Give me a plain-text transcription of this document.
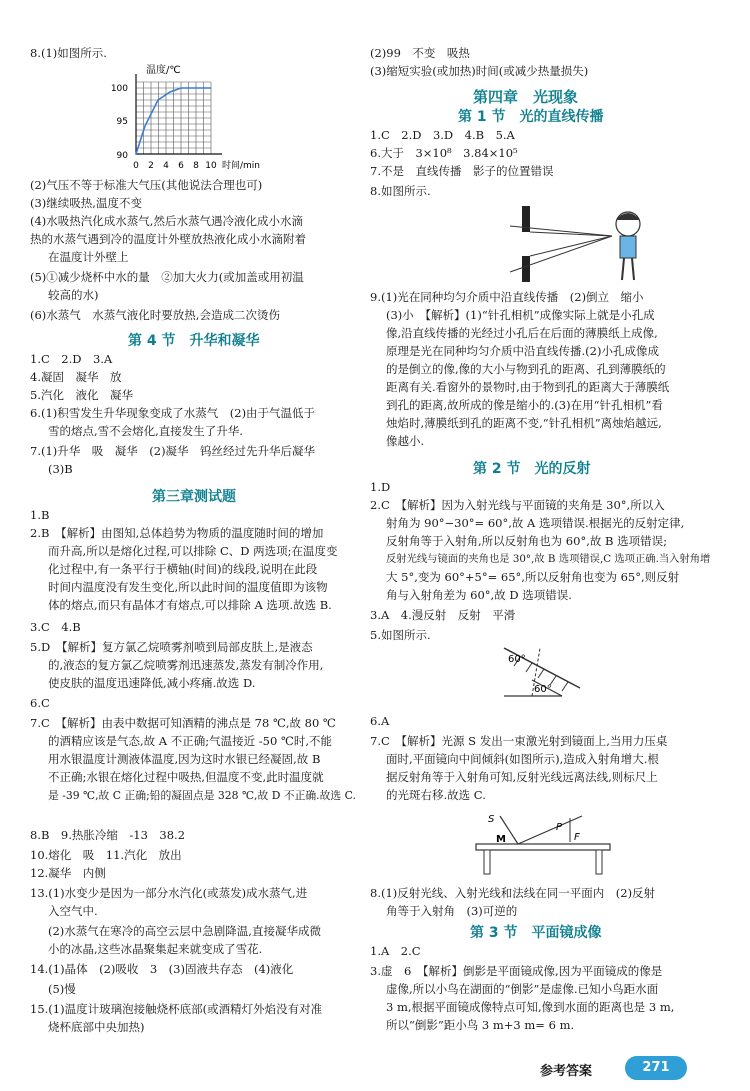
8.(1)如图所示.
温度/℃
100
95
90
0 2 4 6 8 10 时间/min
(2)气压不等于标准大气压(其他说法合理也可)
(3)继续吸热,温度不变
(4)水吸热汽化成水蒸气,然后水蒸气遇冷液化成小水滴
热的水蒸气遇到冷的温度计外壁放热液化成小水滴附着
在温度计外壁上
(5)①减少烧杯中水的量　②加大火力(或加盖或用初温
较高的水)
(6)水蒸气　水蒸气液化时要放热,会造成二次烫伤
第 4 节　升华和凝华
1.C　2.D　3.A
4.凝固　凝华　放
5.汽化　液化　凝华
6.(1)积雪发生升华现象变成了水蒸气　(2)由于气温低于
雪的熔点,雪不会熔化,直接发生了升华.
7.(1)升华　吸　凝华　(2)凝华　钨丝经过先升华后凝华
(3)B
第三章测试题
1.B
2.B　【解析】由图知,总体趋势为物质的温度随时间的增加
而升高,所以是熔化过程,可以排除 C、D 两选项;在温度变
化过程中,有一条平行于横轴(时间)的线段,说明在此段
时间内温度没有发生变化,所以此时间的温度值即为该物
体的熔点,而只有晶体才有熔点,可以排除 A 选项.故选 B.
3.C　4.B
5.D　【解析】复方氯乙烷喷雾剂喷到局部皮肤上,是液态
的,液态的复方氯乙烷喷雾剂迅速蒸发,蒸发有制冷作用,
使皮肤的温度迅速降低,减小疼痛.故选 D.
6.C
7.C　【解析】由表中数据可知酒精的沸点是 78 ℃,故 80 ℃
的酒精应该是气态,故 A 不正确;气温接近 -50 ℃时,不能
用水银温度计测液体温度,因为这时水银已经凝固,故 B
不正确;水银在熔化过程中吸热,但温度不变,此时温度就
是 -39 ℃,故 C 正确;铅的凝固点是 328 ℃,故 D 不正确.故选 C.
8.B　9.热胀冷缩　-13　38.2
10.熔化　吸　11.汽化　放出
12.凝华　内侧
13.(1)水变少是因为一部分水汽化(或蒸发)成水蒸气,进
入空气中.
(2)水蒸气在寒冷的高空云层中急剧降温,直接凝华成微
小的冰晶,这些冰晶聚集起来就变成了雪花.
14.(1)晶体　(2)吸收　3　(3)固液共存态　(4)液化
(5)慢
15.(1)温度计玻璃泡接触烧杯底部(或酒精灯外焰没有对准
烧杯底部中央加热)
(2)99　不变　吸热
(3)缩短实验(或加热)时间(或减少热量损失)
第四章　光现象
第 1 节　光的直线传播
1.C　2.D　3.D　4.B　5.A
6.大于　3×10⁸　3.84×10⁵
7.不是　直线传播　影子的位置错误
8.如图所示.
9.(1)光在同种均匀介质中沿直线传播　(2)倒立　缩小
(3)小　【解析】(1)“针孔相机”成像实际上就是小孔成
像,沿直线传播的光经过小孔后在后面的薄膜纸上成像,
原理是光在同种均匀介质中沿直线传播.(2)小孔成像成
的是倒立的像,像的大小与物到孔的距离、孔到薄膜纸的
距离有关.看窗外的景物时,由于物到孔的距离大于薄膜纸
到孔的距离,故所成的像是缩小的.(3)在用“针孔相机”看
烛焰时,薄膜纸到孔的距离不变,“针孔相机”离烛焰越远,
像越小.
第 2 节　光的反射
1.D
2.C　【解析】因为入射光线与平面镜的夹角是 30°,所以入
射角为 90°−30°= 60°,故 A 选项错误.根据光的反射定律,
反射角等于入射角,所以反射角也为 60°,故 B 选项错误;
反射光线与镜面的夹角也是 30°,故 B 选项错误,C 选项正确.当入射角增
大 5°,变为 60°+5°= 65°,所以反射角也变为 65°,则反射
角与入射角差为 60°,故 D 选项错误.
3.A　4.漫反射　反射　平滑
5.如图所示.
60°
60°
6.A
7.C　【解析】光源 S 发出一束激光射到镜面上,当用力压桌
面时,平面镜向中间倾斜(如图所示),造成入射角增大.根
据反射角等于入射角可知,反射光线远离法线,则标尺上
的光斑右移.故选 C.
S
P
F
M
8.(1)反射光线、入射光线和法线在同一平面内　(2)反射
角等于入射角　(3)可逆的
第 3 节　平面镜成像
1.A　2.C
3.虚　6　【解析】倒影是平面镜成像,因为平面镜成的像是
虚像,所以小鸟在湖面的“倒影”是虚像.已知小鸟距水面
3 m,根据平面镜成像特点可知,像到水面的距离也是 3 m,
所以“倒影”距小鸟 3 m+3 m= 6 m.
参考答案	271
